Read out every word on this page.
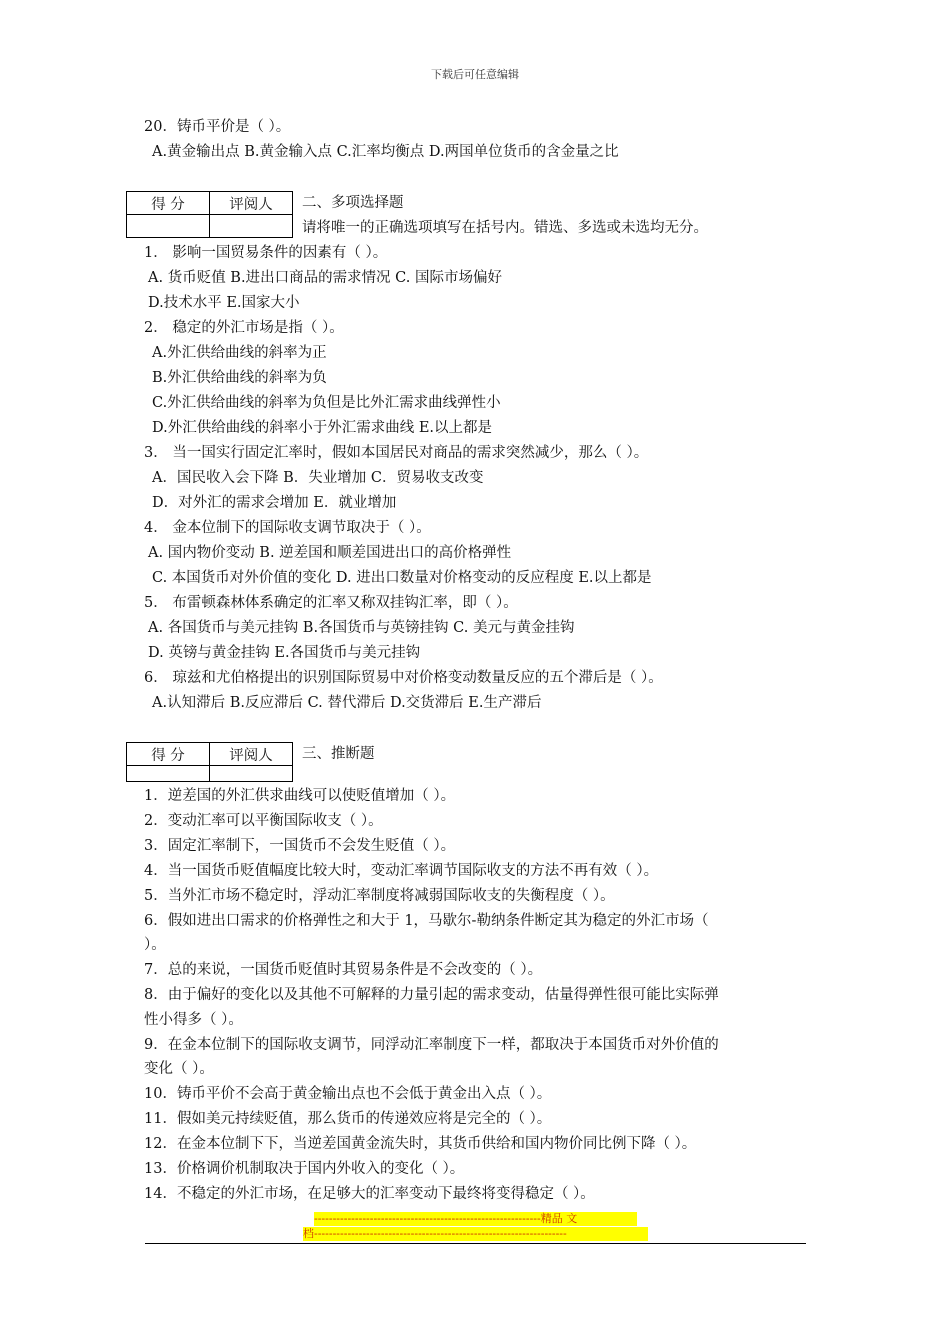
下载后可任意编辑
20．铸币平价是（ ）。
A.黄金输出点 B.黄金输入点 C.汇率均衡点 D.两国单位货币的含金量之比
得 分	评阅人
	二、多项选择题
请将唯一的正确选项填写在括号内。错选、多选或未选均无分。
1． 影响一国贸易条件的因素有（ ）。
A. 货币贬值 B.进出口商品的需求情况 C. 国际市场偏好
D.技术水平 E.国家大小
2． 稳定的外汇市场是指（ ）。
A.外汇供给曲线的斜率为正
B.外汇供给曲线的斜率为负
C.外汇供给曲线的斜率为负但是比外汇需求曲线弹性小
D.外汇供给曲线的斜率小于外汇需求曲线 E.以上都是
3． 当一国实行固定汇率时，假如本国居民对商品的需求突然减少，那么（ ）。
A．国民收入会下降 B．失业增加 C．贸易收支改变
D．对外汇的需求会增加 E．就业增加
4． 金本位制下的国际收支调节取决于（ ）。
A. 国内物价变动 B. 逆差国和顺差国进出口的高价格弹性
C. 本国货币对外价值的变化 D. 进出口数量对价格变动的反应程度 E.以上都是
5． 布雷顿森林体系确定的汇率又称双挂钩汇率，即（ ）。
A. 各国货币与美元挂钩 B.各国货币与英镑挂钩 C. 美元与黄金挂钩
D. 英镑与黄金挂钩 E.各国货币与美元挂钩
6． 琼兹和尤伯格提出的识别国际贸易中对价格变动数量反应的五个滞后是（ ）。
A.认知滞后 B.反应滞后 C. 替代滞后 D.交货滞后 E.生产滞后
得 分	评阅人
	三、推断题
1．逆差国的外汇供求曲线可以使贬值增加（ ）。
2．变动汇率可以平衡国际收支（ ）。
3．固定汇率制下，一国货币不会发生贬值（ ）。
4．当一国货币贬值幅度比较大时，变动汇率调节国际收支的方法不再有效（ ）。
5．当外汇市场不稳定时，浮动汇率制度将减弱国际收支的失衡程度（ ）。
6．假如进出口需求的价格弹性之和大于 1，马歇尔-勒纳条件断定其为稳定的外汇市场（
）。
7．总的来说，一国货币贬值时其贸易条件是不会改变的（ ）。
8．由于偏好的变化以及其他不可解释的力量引起的需求变动，估量得弹性很可能比实际弹
性小得多（ ）。
9．在金本位制下的国际收支调节，同浮动汇率制度下一样，都取决于本国货币对外价值的
变化（ ）。
10．铸币平价不会高于黄金输出点也不会低于黄金出入点（ ）。
11．假如美元持续贬值，那么货币的传递效应将是完全的（ ）。
12．在金本位制下下，当逆差国黄金流失时，其货币供给和国内物价同比例下降（ ）。
13．价格调价机制取决于国内外收入的变化（ ）。
14．不稳定的外汇市场，在足够大的汇率变动下最终将变得稳定（ ）。
-------------------------------------------------------------精品 文
档--------------------------------------------------------------------
